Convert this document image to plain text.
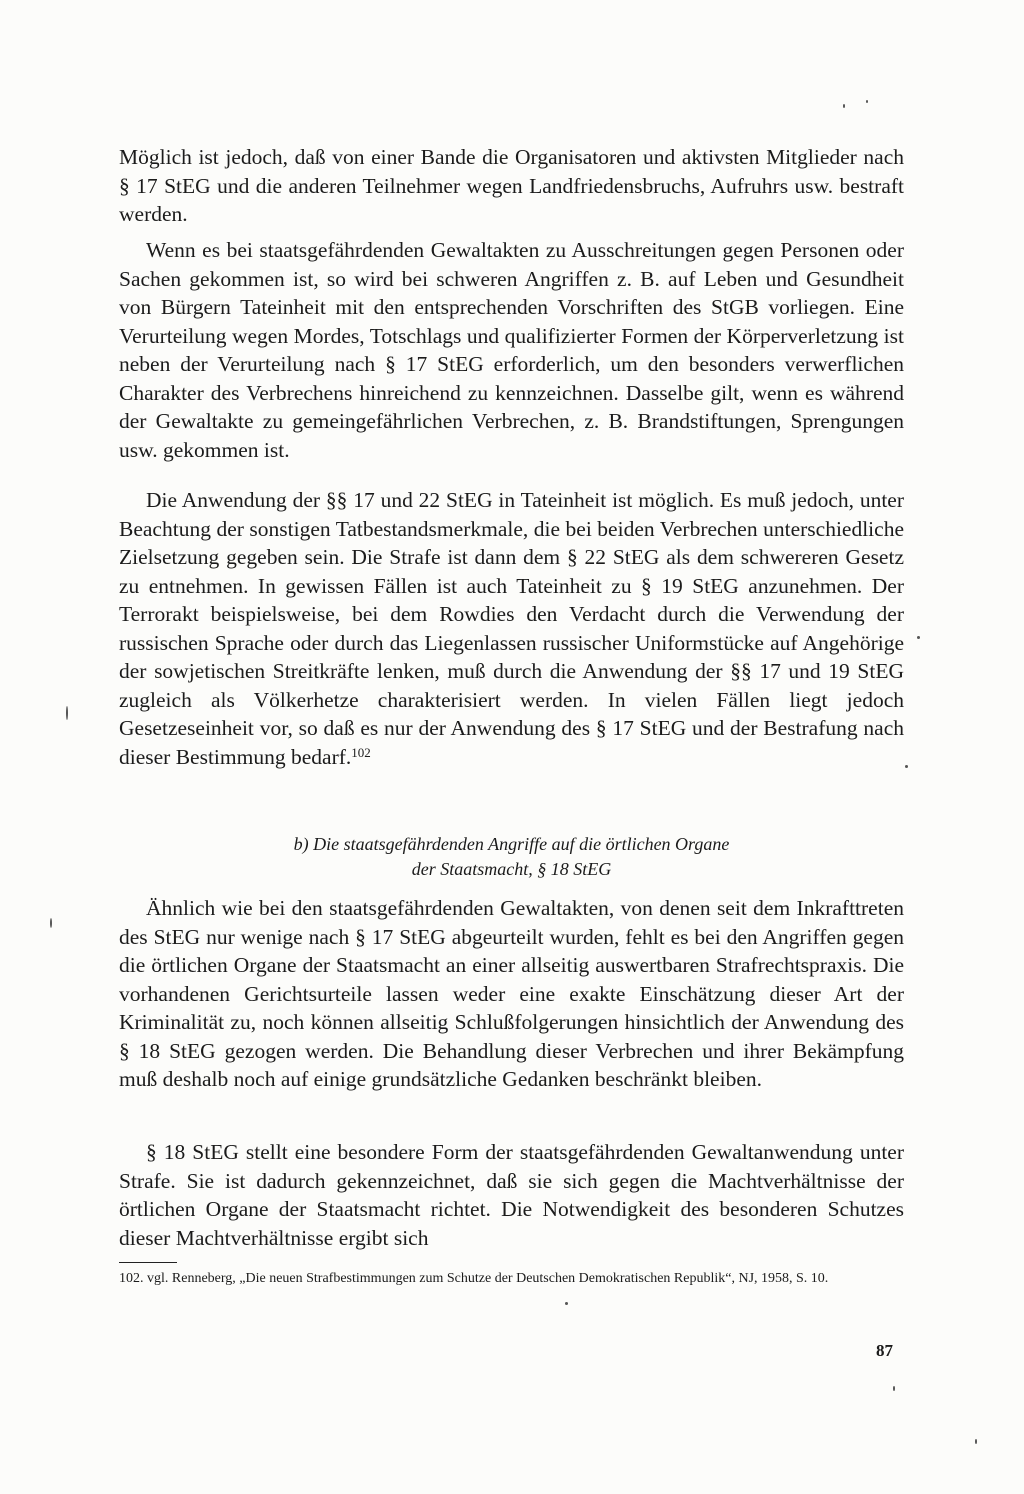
Möglich ist jedoch, daß von einer Bande die Organisatoren und aktivsten Mitglieder nach § 17 StEG und die anderen Teilnehmer wegen Landfriedensbruchs, Aufruhrs usw. bestraft werden.

Wenn es bei staatsgefährdenden Gewaltakten zu Ausschreitungen gegen Personen oder Sachen gekommen ist, so wird bei schweren Angriffen z. B. auf Leben und Gesundheit von Bürgern Tateinheit mit den entsprechenden Vorschriften des StGB vorliegen. Eine Verurteilung wegen Mordes, Totschlags und qualifizierter Formen der Körperverletzung ist neben der Verurteilung nach § 17 StEG erforderlich, um den besonders verwerflichen Charakter des Verbrechens hinreichend zu kennzeichnen. Dasselbe gilt, wenn es während der Gewaltakte zu gemeingefährlichen Verbrechen, z. B. Brandstiftungen, Sprengungen usw. gekommen ist.

Die Anwendung der §§ 17 und 22 StEG in Tateinheit ist möglich. Es muß jedoch, unter Beachtung der sonstigen Tatbestandsmerkmale, die bei beiden Verbrechen unterschiedliche Zielsetzung gegeben sein. Die Strafe ist dann dem § 22 StEG als dem schwereren Gesetz zu entnehmen. In gewissen Fällen ist auch Tateinheit zu § 19 StEG anzunehmen. Der Terrorakt beispielsweise, bei dem Rowdies den Verdacht durch die Verwendung der russischen Sprache oder durch das Liegenlassen russischer Uniformstücke auf Angehörige der sowjetischen Streitkräfte lenken, muß durch die Anwendung der §§ 17 und 19 StEG zugleich als Völkerhetze charakterisiert werden. In vielen Fällen liegt jedoch Gesetzeseinheit vor, so daß es nur der Anwendung des § 17 StEG und der Bestrafung nach dieser Bestimmung bedarf.$^{102}$

b) Die staatsgefährdenden Angriffe auf die örtlichen Organe
der Staatsmacht, § 18 StEG

Ähnlich wie bei den staatsgefährdenden Gewaltakten, von denen seit dem Inkrafttreten des StEG nur wenige nach § 17 StEG abgeurteilt wurden, fehlt es bei den Angriffen gegen die örtlichen Organe der Staatsmacht an einer allseitig auswertbaren Strafrechtspraxis. Die vorhandenen Gerichtsurteile lassen weder eine exakte Einschätzung dieser Art der Kriminalität zu, noch können allseitig Schlußfolgerungen hinsichtlich der Anwendung des § 18 StEG gezogen werden. Die Behandlung dieser Verbrechen und ihrer Bekämpfung muß deshalb noch auf einige grundsätzliche Gedanken beschränkt bleiben.

§ 18 StEG stellt eine besondere Form der staatsgefährdenden Gewaltanwendung unter Strafe. Sie ist dadurch gekennzeichnet, daß sie sich gegen die Machtverhältnisse der örtlichen Organe der Staatsmacht richtet. Die Notwendigkeit des besonderen Schutzes dieser Machtverhältnisse ergibt sich

102. vgl. Renneberg, „Die neuen Strafbestimmungen zum Schutze der Deutschen Demokratischen Republik“, NJ, 1958, S. 10.

87
